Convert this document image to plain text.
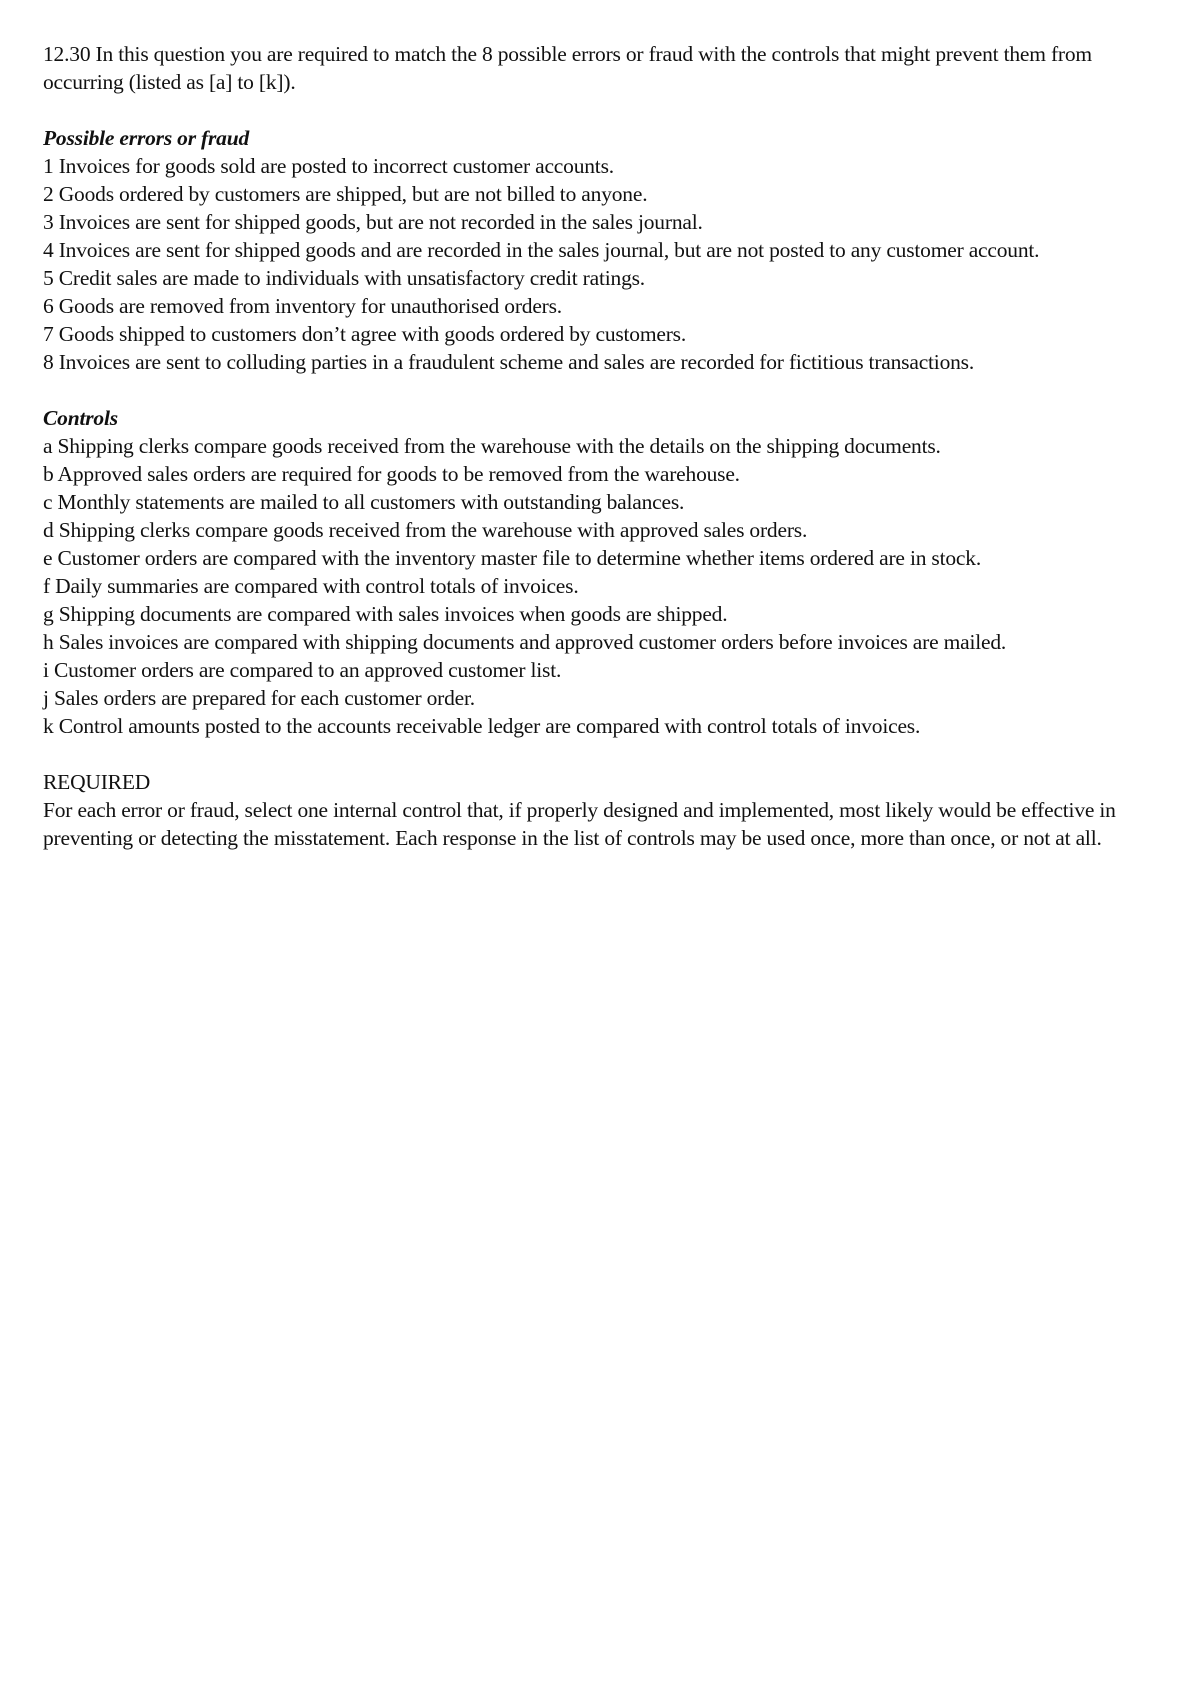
12.30 In this question you are required to match the 8 possible errors or fraud with the controls that might prevent them from occurring (listed as [a] to [k]).

Possible errors or fraud

1 Invoices for goods sold are posted to incorrect customer accounts.
2 Goods ordered by customers are shipped, but are not billed to anyone.
3 Invoices are sent for shipped goods, but are not recorded in the sales journal.
4 Invoices are sent for shipped goods and are recorded in the sales journal, but are not posted to any customer account.
5 Credit sales are made to individuals with unsatisfactory credit ratings.
6 Goods are removed from inventory for unauthorised orders.
7 Goods shipped to customers don’t agree with goods ordered by customers.
8 Invoices are sent to colluding parties in a fraudulent scheme and sales are recorded for fictitious transactions.

Controls

a Shipping clerks compare goods received from the warehouse with the details on the shipping documents.
b Approved sales orders are required for goods to be removed from the warehouse.
c Monthly statements are mailed to all customers with outstanding balances.
d Shipping clerks compare goods received from the warehouse with approved sales orders.
e Customer orders are compared with the inventory master file to determine whether items ordered are in stock.
f Daily summaries are compared with control totals of invoices.
g Shipping documents are compared with sales invoices when goods are shipped.
h Sales invoices are compared with shipping documents and approved customer orders before invoices are mailed.
i Customer orders are compared to an approved customer list.
j Sales orders are prepared for each customer order.
k Control amounts posted to the accounts receivable ledger are compared with control totals of invoices.

REQUIRED

For each error or fraud, select one internal control that, if properly designed and implemented, most likely would be effective in preventing or detecting the misstatement. Each response in the list of controls may be used once, more than once, or not at all.
